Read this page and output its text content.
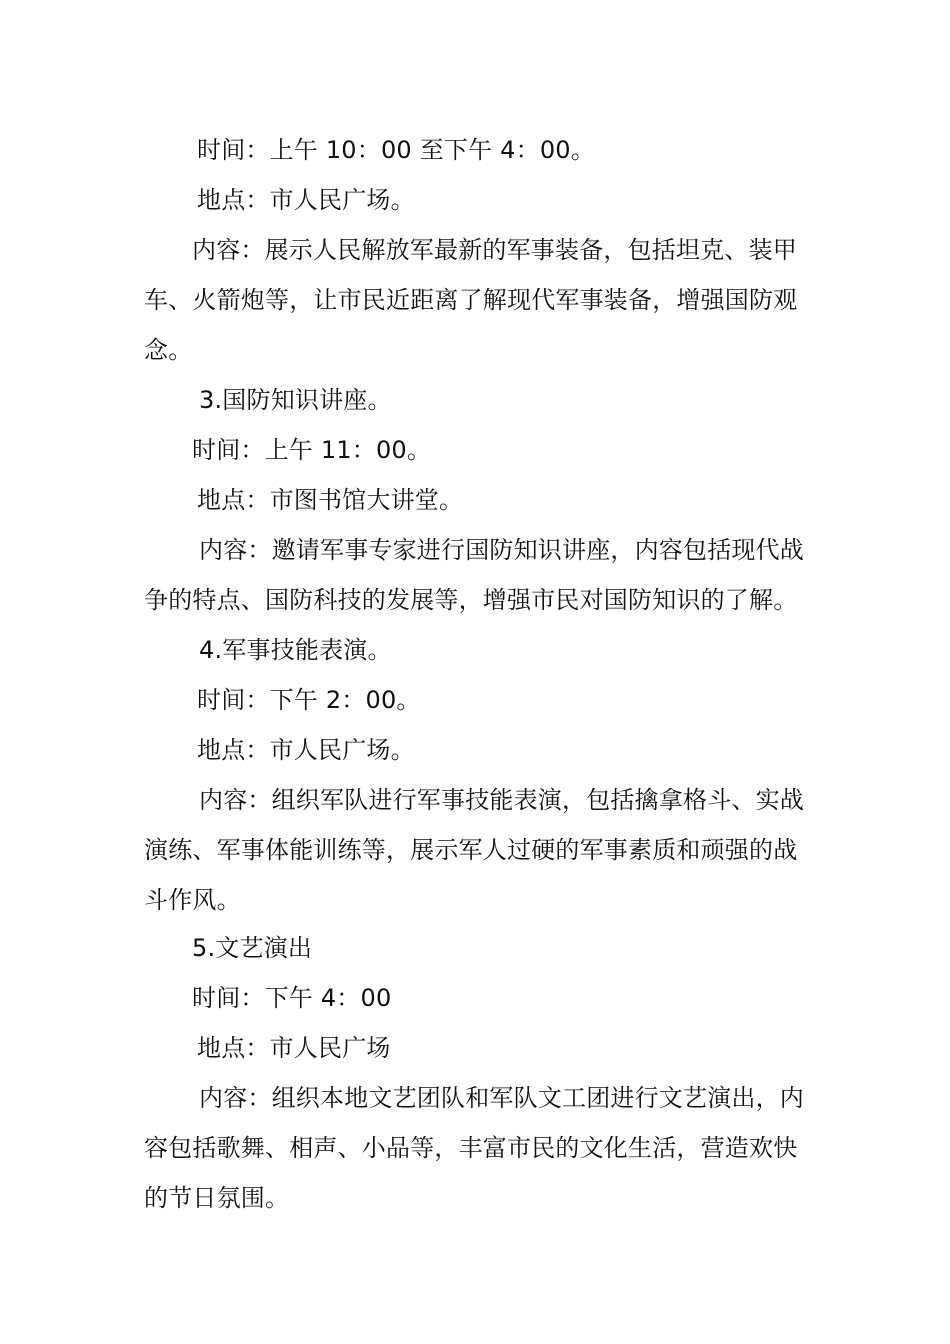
时间：上午 10：00 至下午 4：00。
地点：市人民广场。
内容：展示人民解放军最新的军事装备，包括坦克、装甲
车、火箭炮等，让市民近距离了解现代军事装备，增强国防观
念。
3.国防知识讲座。
时间：上午 11：00。
地点：市图书馆大讲堂。
内容：邀请军事专家进行国防知识讲座，内容包括现代战
争的特点、国防科技的发展等，增强市民对国防知识的了解。
4.军事技能表演。
时间：下午 2：00。
地点：市人民广场。
内容：组织军队进行军事技能表演，包括擒拿格斗、实战
演练、军事体能训练等，展示军人过硬的军事素质和顽强的战
斗作风。
5.文艺演出
时间：下午 4：00
地点：市人民广场
内容：组织本地文艺团队和军队文工团进行文艺演出，内
容包括歌舞、相声、小品等，丰富市民的文化生活，营造欢快
的节日氛围。
